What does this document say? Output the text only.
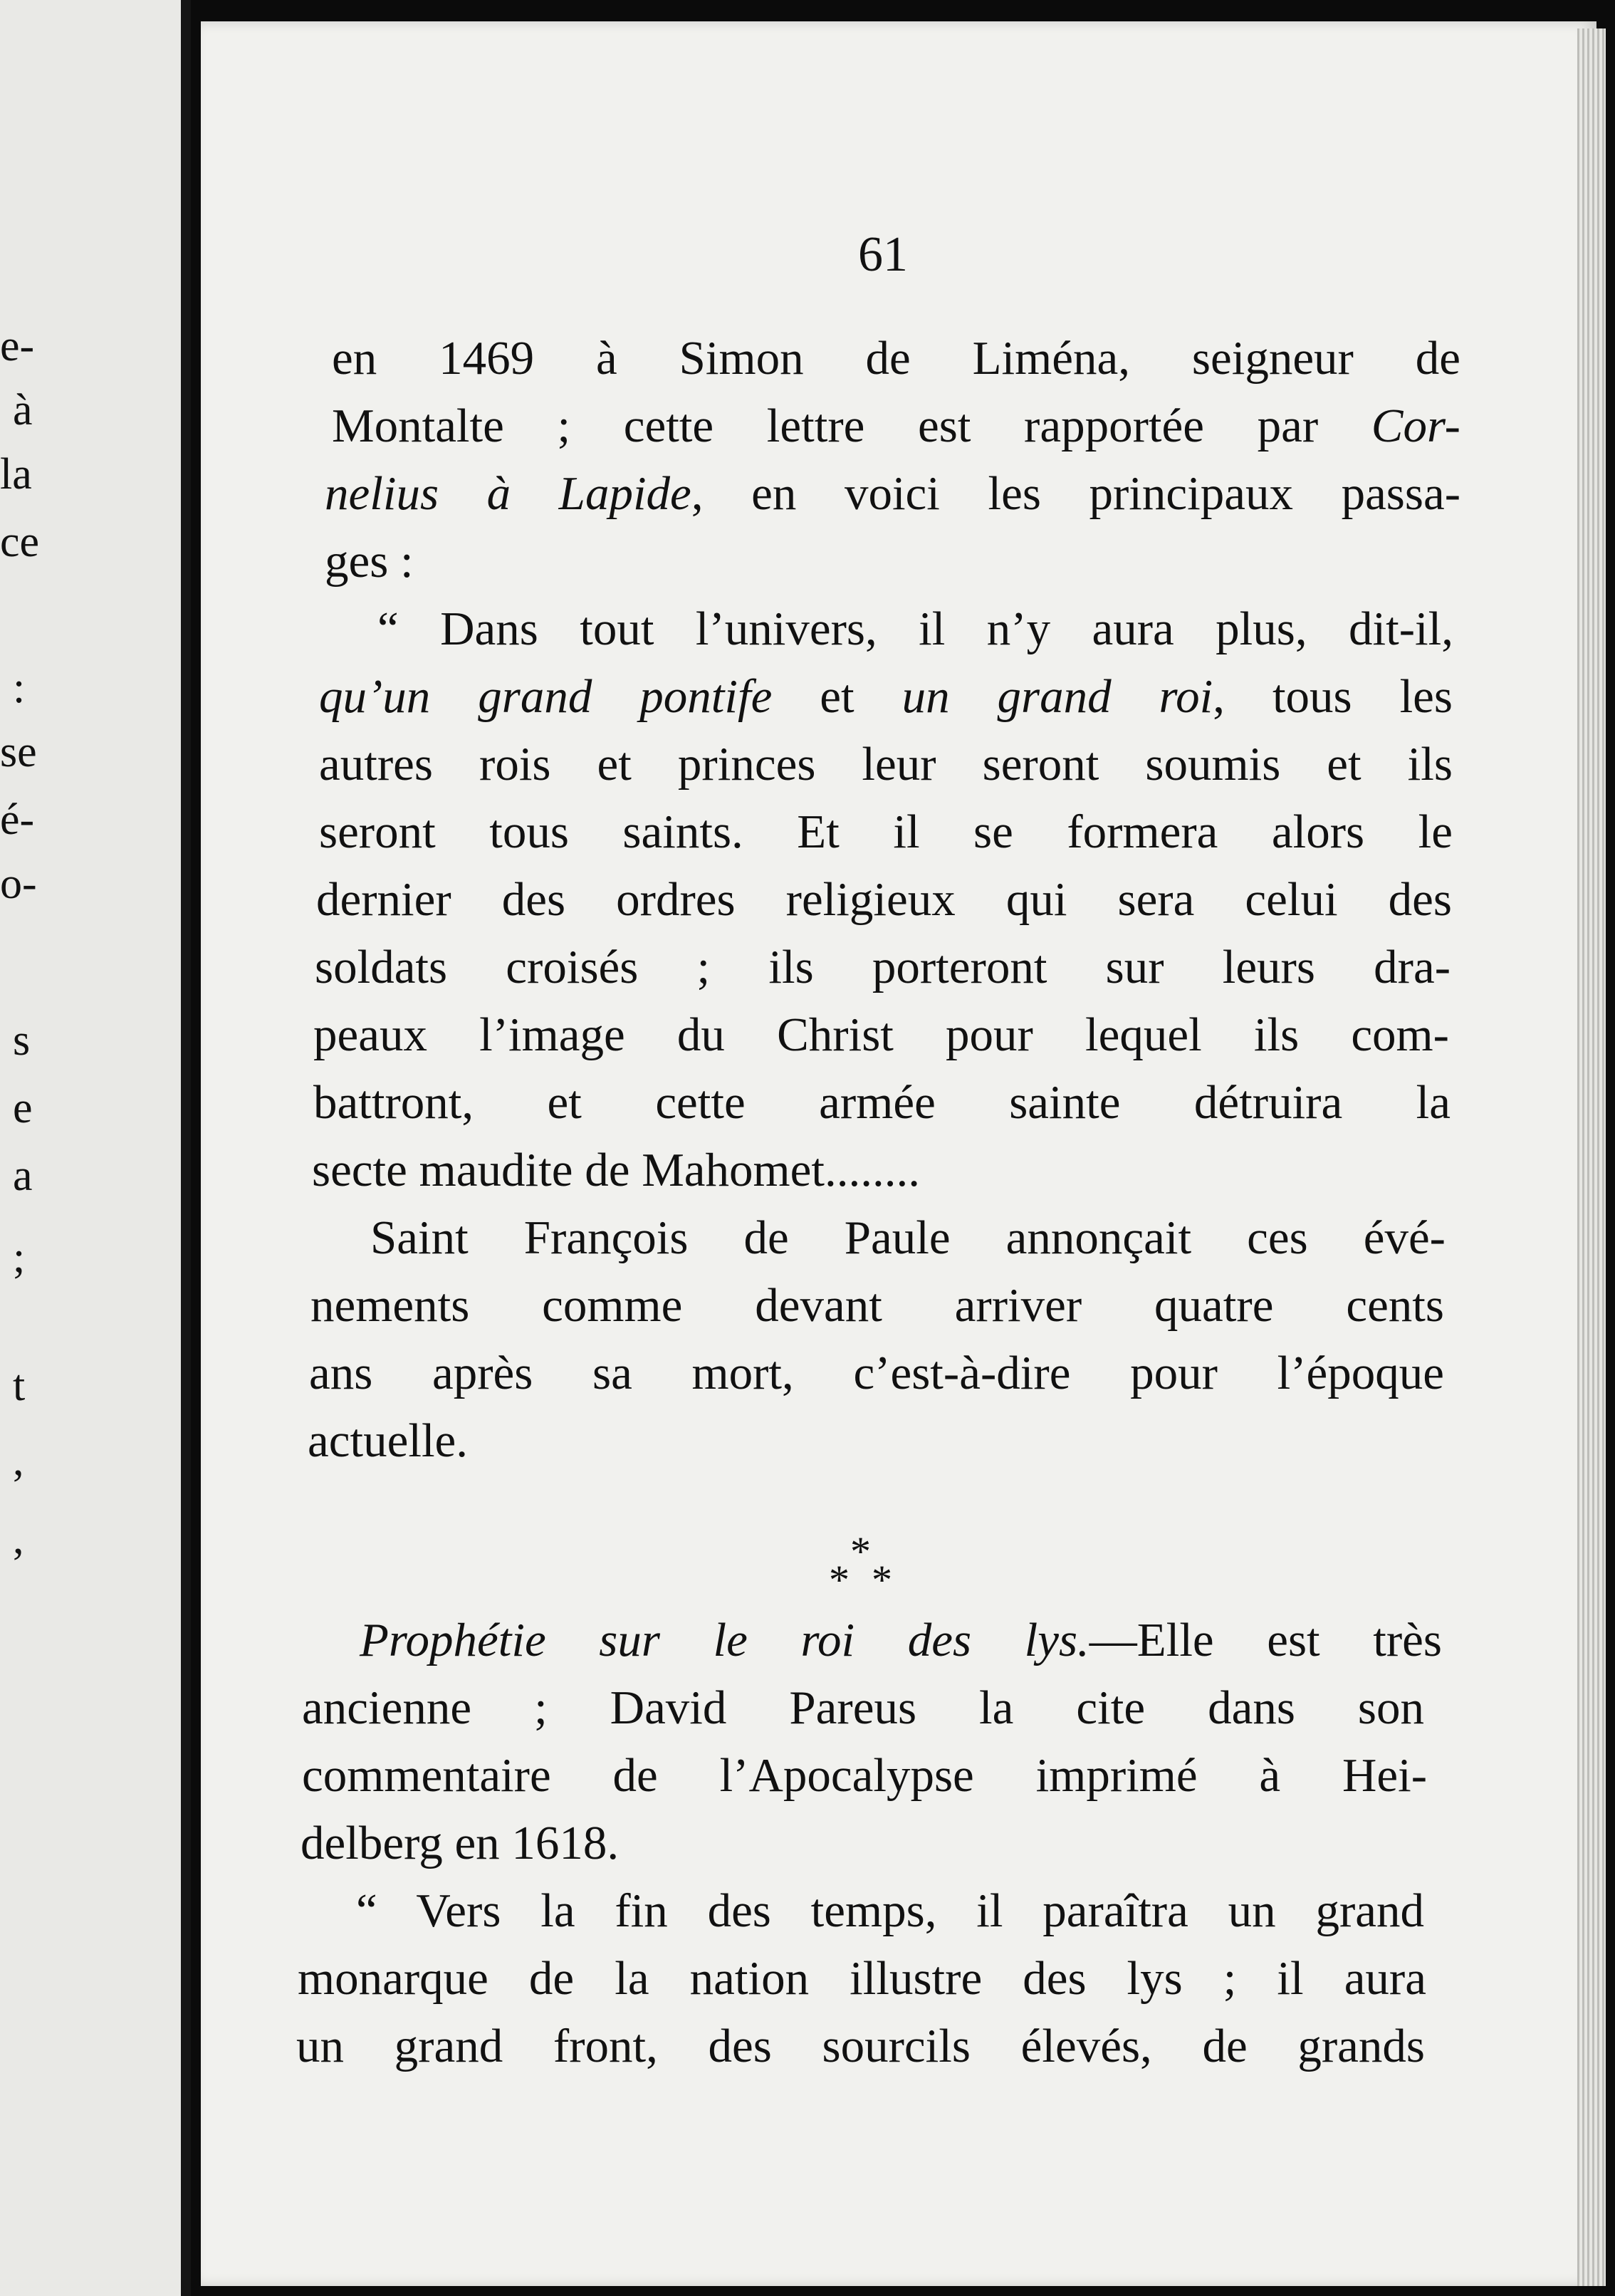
e-
à
la
ce
:
se
é-
o-
s
e
a
;
t
,
,
61
en 1469 à Simon de Liména, seigneur de
Montalte ; cette lettre est rapportée par Cor-
nelius à Lapide, en voici les principaux passa-
ges :
“ Dans tout l’univers, il n’y aura plus, dit-il,
qu’un grand pontife et un grand roi, tous les
autres rois et princes leur seront soumis et ils
seront tous saints. Et il se formera alors le
dernier des ordres religieux qui sera celui des
soldats croisés ; ils porteront sur leurs dra-
peaux l’image du Christ pour lequel ils com-
battront, et cette armée sainte détruira la
secte maudite de Mahomet........
Saint François de Paule annonçait ces évé-
nements comme devant arriver quatre cents
ans après sa mort, c’est-à-dire pour l’époque
actuelle.
Prophétie sur le roi des lys.—Elle est très
ancienne ; David Pareus la cite dans son
commentaire de l’Apocalypse imprimé à Hei-
delberg en 1618.
“ Vers la fin des temps, il paraîtra un grand
monarque de la nation illustre des lys ; il aura
un grand front, des sourcils élevés, de grands
*
* *
